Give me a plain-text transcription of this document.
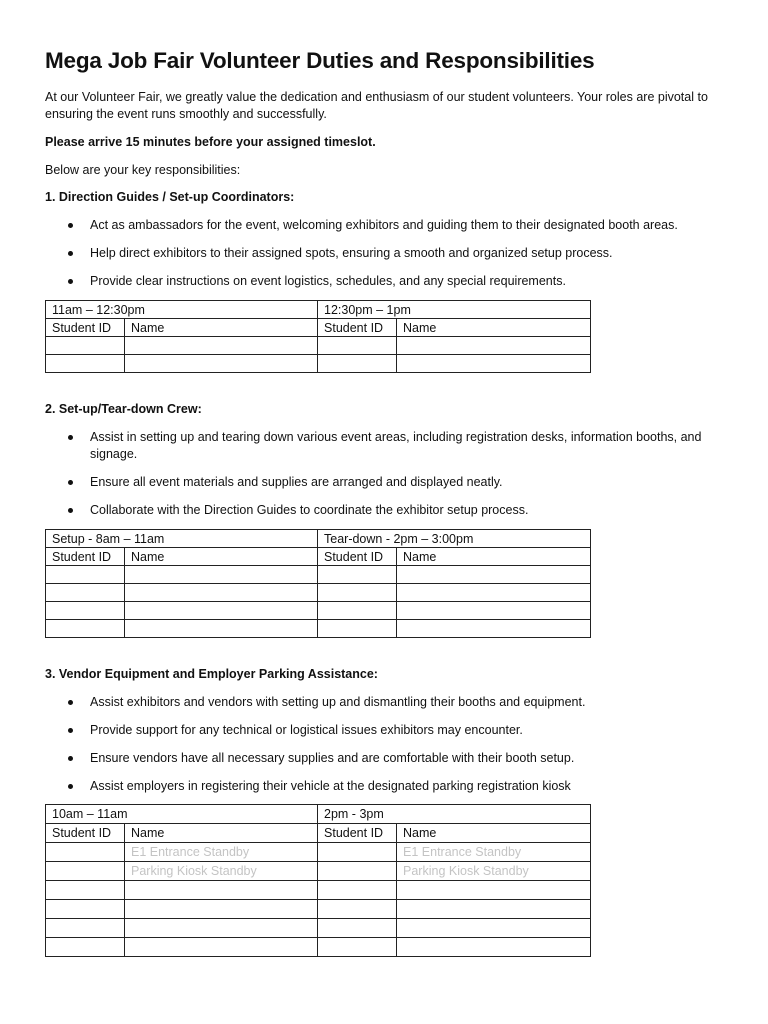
Mega Job Fair Volunteer Duties and Responsibilities

At our Volunteer Fair, we greatly value the dedication and enthusiasm of our student volunteers. Your roles are pivotal to ensuring the event runs smoothly and successfully.

Please arrive 15 minutes before your assigned timeslot.

Below are your key responsibilities:

1. Direction Guides / Set-up Coordinators:

Act as ambassadors for the event, welcoming exhibitors and guiding them to their designated booth areas.
Help direct exhibitors to their assigned spots, ensuring a smooth and organized setup process.
Provide clear instructions on event logistics, schedules, and any special requirements.
11am – 12:30pm		12:30pm – 1pm	
Student ID	Name	Student ID	Name

2. Set-up/Tear-down Crew:

Assist in setting up and tearing down various event areas, including registration desks, information booths, and signage.
Ensure all event materials and supplies are arranged and displayed neatly.
Collaborate with the Direction Guides to coordinate the exhibitor setup process.
Setup - 8am – 11am		Tear-down - 2pm – 3:00pm	
Student ID	Name	Student ID	Name

3. Vendor Equipment and Employer Parking Assistance:

Assist exhibitors and vendors with setting up and dismantling their booths and equipment.
Provide support for any technical or logistical issues exhibitors may encounter.
Ensure vendors have all necessary supplies and are comfortable with their booth setup.
Assist employers in registering their vehicle at the designated parking registration kiosk
10am – 11am		2pm - 3pm	
Student ID	Name	Student ID	Name
	E1 Entrance Standby		E1 Entrance Standby
	Parking Kiosk Standby		Parking Kiosk Standby
